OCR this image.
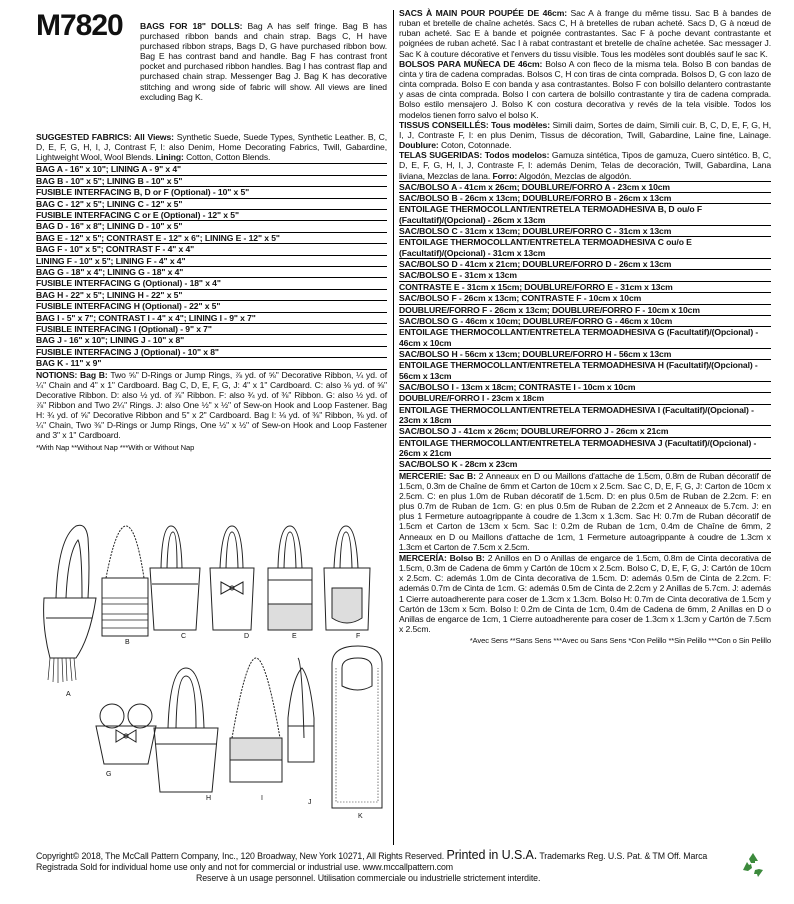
M7820	BAGS FOR 18" DOLLS: Bag A has self fringe. Bag B has purchased ribbon bands and chain strap. Bags C, H have purchased ribbon straps, Bags D, G have purchased ribbon bow. Bag E has contrast band and handle. Bag F has contrast front pocket and purchased ribbon handles. Bag I has contrast flap and purchased chain strap. Messenger Bag J. Bag K has decorative stitching and wrong side of fabric will show. All views are lined excluding Bag K.

SUGGESTED FABRICS: All Views: Synthetic Suede, Suede Types, Synthetic Leather. B, C, D, E, F, G, H, I, J, Contrast F, I: also Denim, Home Decorating Fabrics, Twill, Gabardine, Lightweight Wool, Wool Blends. Lining: Cotton, Cotton Blends.

BAG A - 16" x 10"; LINING A - 9" x 4"
BAG B - 10" x 5"; LINING B - 10" x 5"
FUSIBLE INTERFACING B, D or F (Optional) - 10" x 5"
BAG C - 12" x 5"; LINING C - 12" x 5"
FUSIBLE INTERFACING C or E (Optional) - 12" x 5"
BAG D - 16" x 8"; LINING D - 10" x 5"
BAG E - 12" x 5"; CONTRAST E - 12" x 6"; LINING E - 12" x 5"
BAG F - 10" x 5"; CONTRAST F - 4" x 4"
LINING F - 10" x 5"; LINING F - 4" x 4"
BAG G - 18" x 4"; LINING G - 18" x 4"
FUSIBLE INTERFACING G (Optional) - 18" x 4"
BAG H - 22" x 5"; LINING H - 22" x 5"
FUSIBLE INTERFACING H (Optional) - 22" x 5"
BAG I - 5" x 7"; CONTRAST I - 4" x 4"; LINING I - 9" x 7"
FUSIBLE INTERFACING I (Optional) - 9" x 7"
BAG J - 16" x 10"; LINING J - 10" x 8"
FUSIBLE INTERFACING J (Optional) - 10" x 8"
BAG K - 11" x 9"

NOTIONS: Bag B: Two ⅝" D-Rings or Jump Rings, ⅞ yd. of ⅝" Decorative Ribbon, ¼ yd. of ¼" Chain and 4" x 1" Cardboard. Bag C, D, E, F, G, J: 4" x 1" Cardboard. C: also ⅛ yd. of ⅝" Decorative Ribbon. D: also ½ yd. of ⅞" Ribbon. F: also ¾ yd. of ⅜" Ribbon. G: also ½ yd. of ⅞" Ribbon and Two 2¼" Rings. J: also One ½" x ½" of Sew-on Hook and Loop Fastener. Bag H: ¾ yd. of ⅝" Decorative Ribbon and 5" x 2" Cardboard. Bag I: ⅛ yd. of ⅜" Ribbon, ⅜ yd. of ¼" Chain, Two ⅜" D-Rings or Jump Rings, One ½" x ½" of Sew-on Hook and Loop Fastener and 3" x 1" Cardboard.

*With Nap **Without Nap ***With or Without Nap
A
B
C	D	E	F
G
H	I
J
K

SACS À MAIN POUR POUPÉE DE 46cm: Sac A à frange du même tissu. Sac B à bandes de ruban et bretelle de chaîne achetés. Sacs C, H à bretelles de ruban acheté. Sacs D, G à nœud de ruban acheté. Sac E à bande et poignée contrastantes. Sac F à poche devant contrastante et poignées de ruban acheté. Sac I à rabat contrastant et bretelle de chaîne achetée. Sac messager J. Sac K à couture décorative et l'envers du tissu visible. Tous les modèles sont doublés sauf le sac K.

BOLSOS PARA MUÑECA DE 46cm: Bolso A con fleco de la misma tela. Bolso B con bandas de cinta y tira de cadena compradas. Bolsos C, H con tiras de cinta comprada. Bolsos D, G con lazo de cinta comprada. Bolso E con banda y asa contrastantes. Bolso F con bolsillo delantero contrastante y asas de cinta comprada. Bolso I con cartera de bolsillo contrastante y tira de cadena comprada. Bolso estilo mensajero J. Bolso K con costura decorativa y revés de la tela visible. Todos los modelos tienen forro salvo el bolso K.

TISSUS CONSEILLÉS: Tous modèles: Simili daim, Sortes de daim, Simili cuir. B, C, D, E, F, G, H, I, J, Contraste F, I: en plus Denim, Tissus de décoration, Twill, Gabardine, Laine fine, Lainage. Doublure: Coton, Cotonnade.

TELAS SUGERIDAS: Todos modelos: Gamuza sintética, Tipos de gamuza, Cuero sintético. B, C, D, E, F, G, H, I, J, Contraste F, I: además Denim, Telas de decoración, Twill, Gabardina, Lana liviana, Mezclas de lana. Forro: Algodón, Mezclas de algodón.

SAC/BOLSO A - 41cm x 26cm; DOUBLURE/FORRO A - 23cm x 10cm
SAC/BOLSO B - 26cm x 13cm; DOUBLURE/FORRO B - 26cm x 13cm
ENTOILAGE THERMOCOLLANT/ENTRETELA TERMOADHESIVA B, D ou/o F (Facultatif)/(Opcional) - 26cm x 13cm
SAC/BOLSO C - 31cm x 13cm; DOUBLURE/FORRO C - 31cm x 13cm
ENTOILAGE THERMOCOLLANT/ENTRETELA TERMOADHESIVA C ou/o E (Facultatif)/(Opcional) - 31cm x 13cm
SAC/BOLSO D - 41cm x 21cm; DOUBLURE/FORRO D - 26cm x 13cm
SAC/BOLSO E - 31cm x 13cm
CONTRASTE E - 31cm x 15cm; DOUBLURE/FORRO E - 31cm x 13cm
SAC/BOLSO F - 26cm x 13cm; CONTRASTE F - 10cm x 10cm
DOUBLURE/FORRO F - 26cm x 13cm; DOUBLURE/FORRO F - 10cm x 10cm
SAC/BOLSO G - 46cm x 10cm; DOUBLURE/FORRO G - 46cm x 10cm
ENTOILAGE THERMOCOLLANT/ENTRETELA TERMOADHESIVA G (Facultatif)/(Opcional) - 46cm x 10cm
SAC/BOLSO H - 56cm x 13cm; DOUBLURE/FORRO H - 56cm x 13cm
ENTOILAGE THERMOCOLLANT/ENTRETELA TERMOADHESIVA H (Facultatif)/(Opcional) - 56cm x 13cm
SAC/BOLSO I - 13cm x 18cm; CONTRASTE I - 10cm x 10cm
DOUBLURE/FORRO I - 23cm x 18cm
ENTOILAGE THERMOCOLLANT/ENTRETELA TERMOADHESIVA I (Facultatif)/(Opcional) - 23cm x 18cm
SAC/BOLSO J - 41cm x 26cm; DOUBLURE/FORRO J - 26cm x 21cm
ENTOILAGE THERMOCOLLANT/ENTRETELA TERMOADHESIVA J (Facultatif)/(Opcional) - 26cm x 21cm
SAC/BOLSO K - 28cm x 23cm

MERCERIE: Sac B: 2 Anneaux en D ou Maillons d'attache de 1.5cm, 0.8m de Ruban décoratif de 1.5cm, 0.3m de Chaîne de 6mm et Carton de 10cm x 2.5cm. Sac C, D, E, F, G, J: Carton de 10cm x 2.5cm. C: en plus 1.0m de Ruban décoratif de 1.5cm. D: en plus 0.5m de Ruban de 2.2cm. F: en plus 0.7m de Ruban de 1cm. G: en plus 0.5m de Ruban de 2.2cm et 2 Anneaux de 5.7cm. J: en plus 1 Fermeture autoagrippante à coudre de 1.3cm x 1.3cm. Sac H: 0.7m de Ruban décoratif de 1.5cm et Carton de 13cm x 5cm. Sac I: 0.2m de Ruban de 1cm, 0.4m de Chaîne de 6mm, 2 Anneaux en D ou Maillons d'attache de 1cm, 1 Fermeture autoagrippante à coudre de 1.3cm x 1.3cm et Carton de 7.5cm x 2.5cm.

MERCERÍA: Bolso B: 2 Anillos en D o Anillas de engarce de 1.5cm, 0.8m de Cinta decorativa de 1.5cm, 0.3m de Cadena de 6mm y Cartón de 10cm x 2.5cm. Bolso C, D, E, F, G, J: Cartón de 10cm x 2.5cm. C: además 1.0m de Cinta decorativa de 1.5cm. D: además 0.5m de Cinta de 2.2cm. F: además 0.7m de Cinta de 1cm. G: además 0.5m de Cinta de 2.2cm y 2 Anillas de 5.7cm. J: además 1 Cierre autoadherente para coser de 1.3cm x 1.3cm. Bolso H: 0.7m de Cinta decorativa de 1.5cm y Cartón de 13cm x 5cm. Bolso I: 0.2m de Cinta de 1cm, 0.4m de Cadena de 6mm, 2 Anillas en D o Anillas de engarce de 1cm, 1 Cierre autoadherente para coser de 1.3cm x 1.3cm y Cartón de 7.5cm x 2.5cm.

*Avec Sens **Sans Sens ***Avec ou Sans Sens *Con Pelillo **Sin Pelillo ***Con o Sin Pelillo
Copyright© 2018, The McCall Pattern Company, Inc., 120 Broadway, New York 10271, All Rights Reserved. Printed in U.S.A. Trademarks Reg. U.S. Pat. & TM Off. Marca
Registrada Sold for individual home use only and not for commercial or industrial use. www.mccallpattern.com
Reserve à un usage personnel. Utilisation commerciale ou industrielle strictement interdite.
